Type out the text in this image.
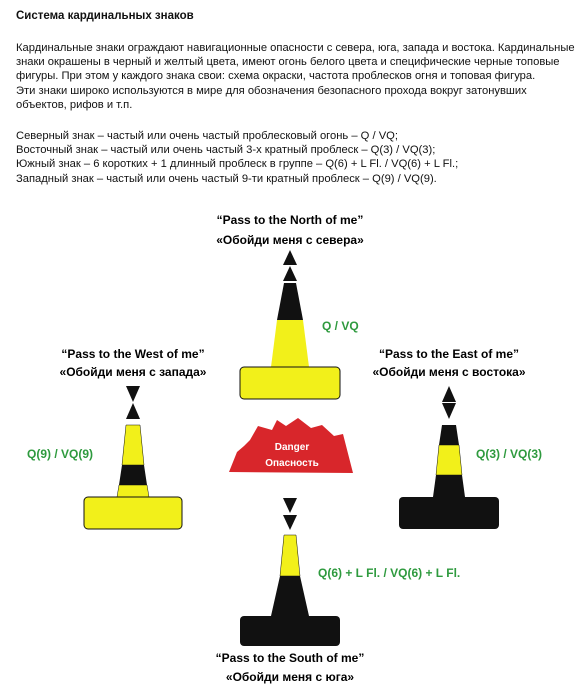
Система кардинальных знаков

Кардинальные знаки ограждают навигационные опасности с севера, юга, запада и востока. Кардинальные
знаки окрашены в черный и желтый цвета, имеют огонь белого цвета и специфические черные топовые
фигуры. При этом у каждого знака свои: схема окраски, частота проблесков огня и топовая фигура.
Эти знаки широко используются в мире для обозначения безопасного прохода вокруг затонувших
объектов, рифов и т.п.

Северный знак – частый или очень частый проблесковый огонь – Q / VQ;
Восточный знак – частый или очень частый 3-х кратный проблеск – Q(3) / VQ(3);
Южный знак – 6 коротких + 1 длинный проблеск в группе – Q(6) + L Fl. / VQ(6) + L Fl.;
Западный знак – частый или очень частый 9-ти кратный проблеск – Q(9) / VQ(9).

“Pass to the North of me”
«Обойди меня с севера»
Q / VQ
“Pass to the West of me”
«Обойди меня с запада»
Q(9) / VQ(9)
“Pass to the East of me”
«Обойди меня с востока»
Q(3) / VQ(3)
Danger
Опасность
Q(6) + L Fl. / VQ(6) + L Fl.
“Pass to the South of me”
«Обойди меня с юга»
